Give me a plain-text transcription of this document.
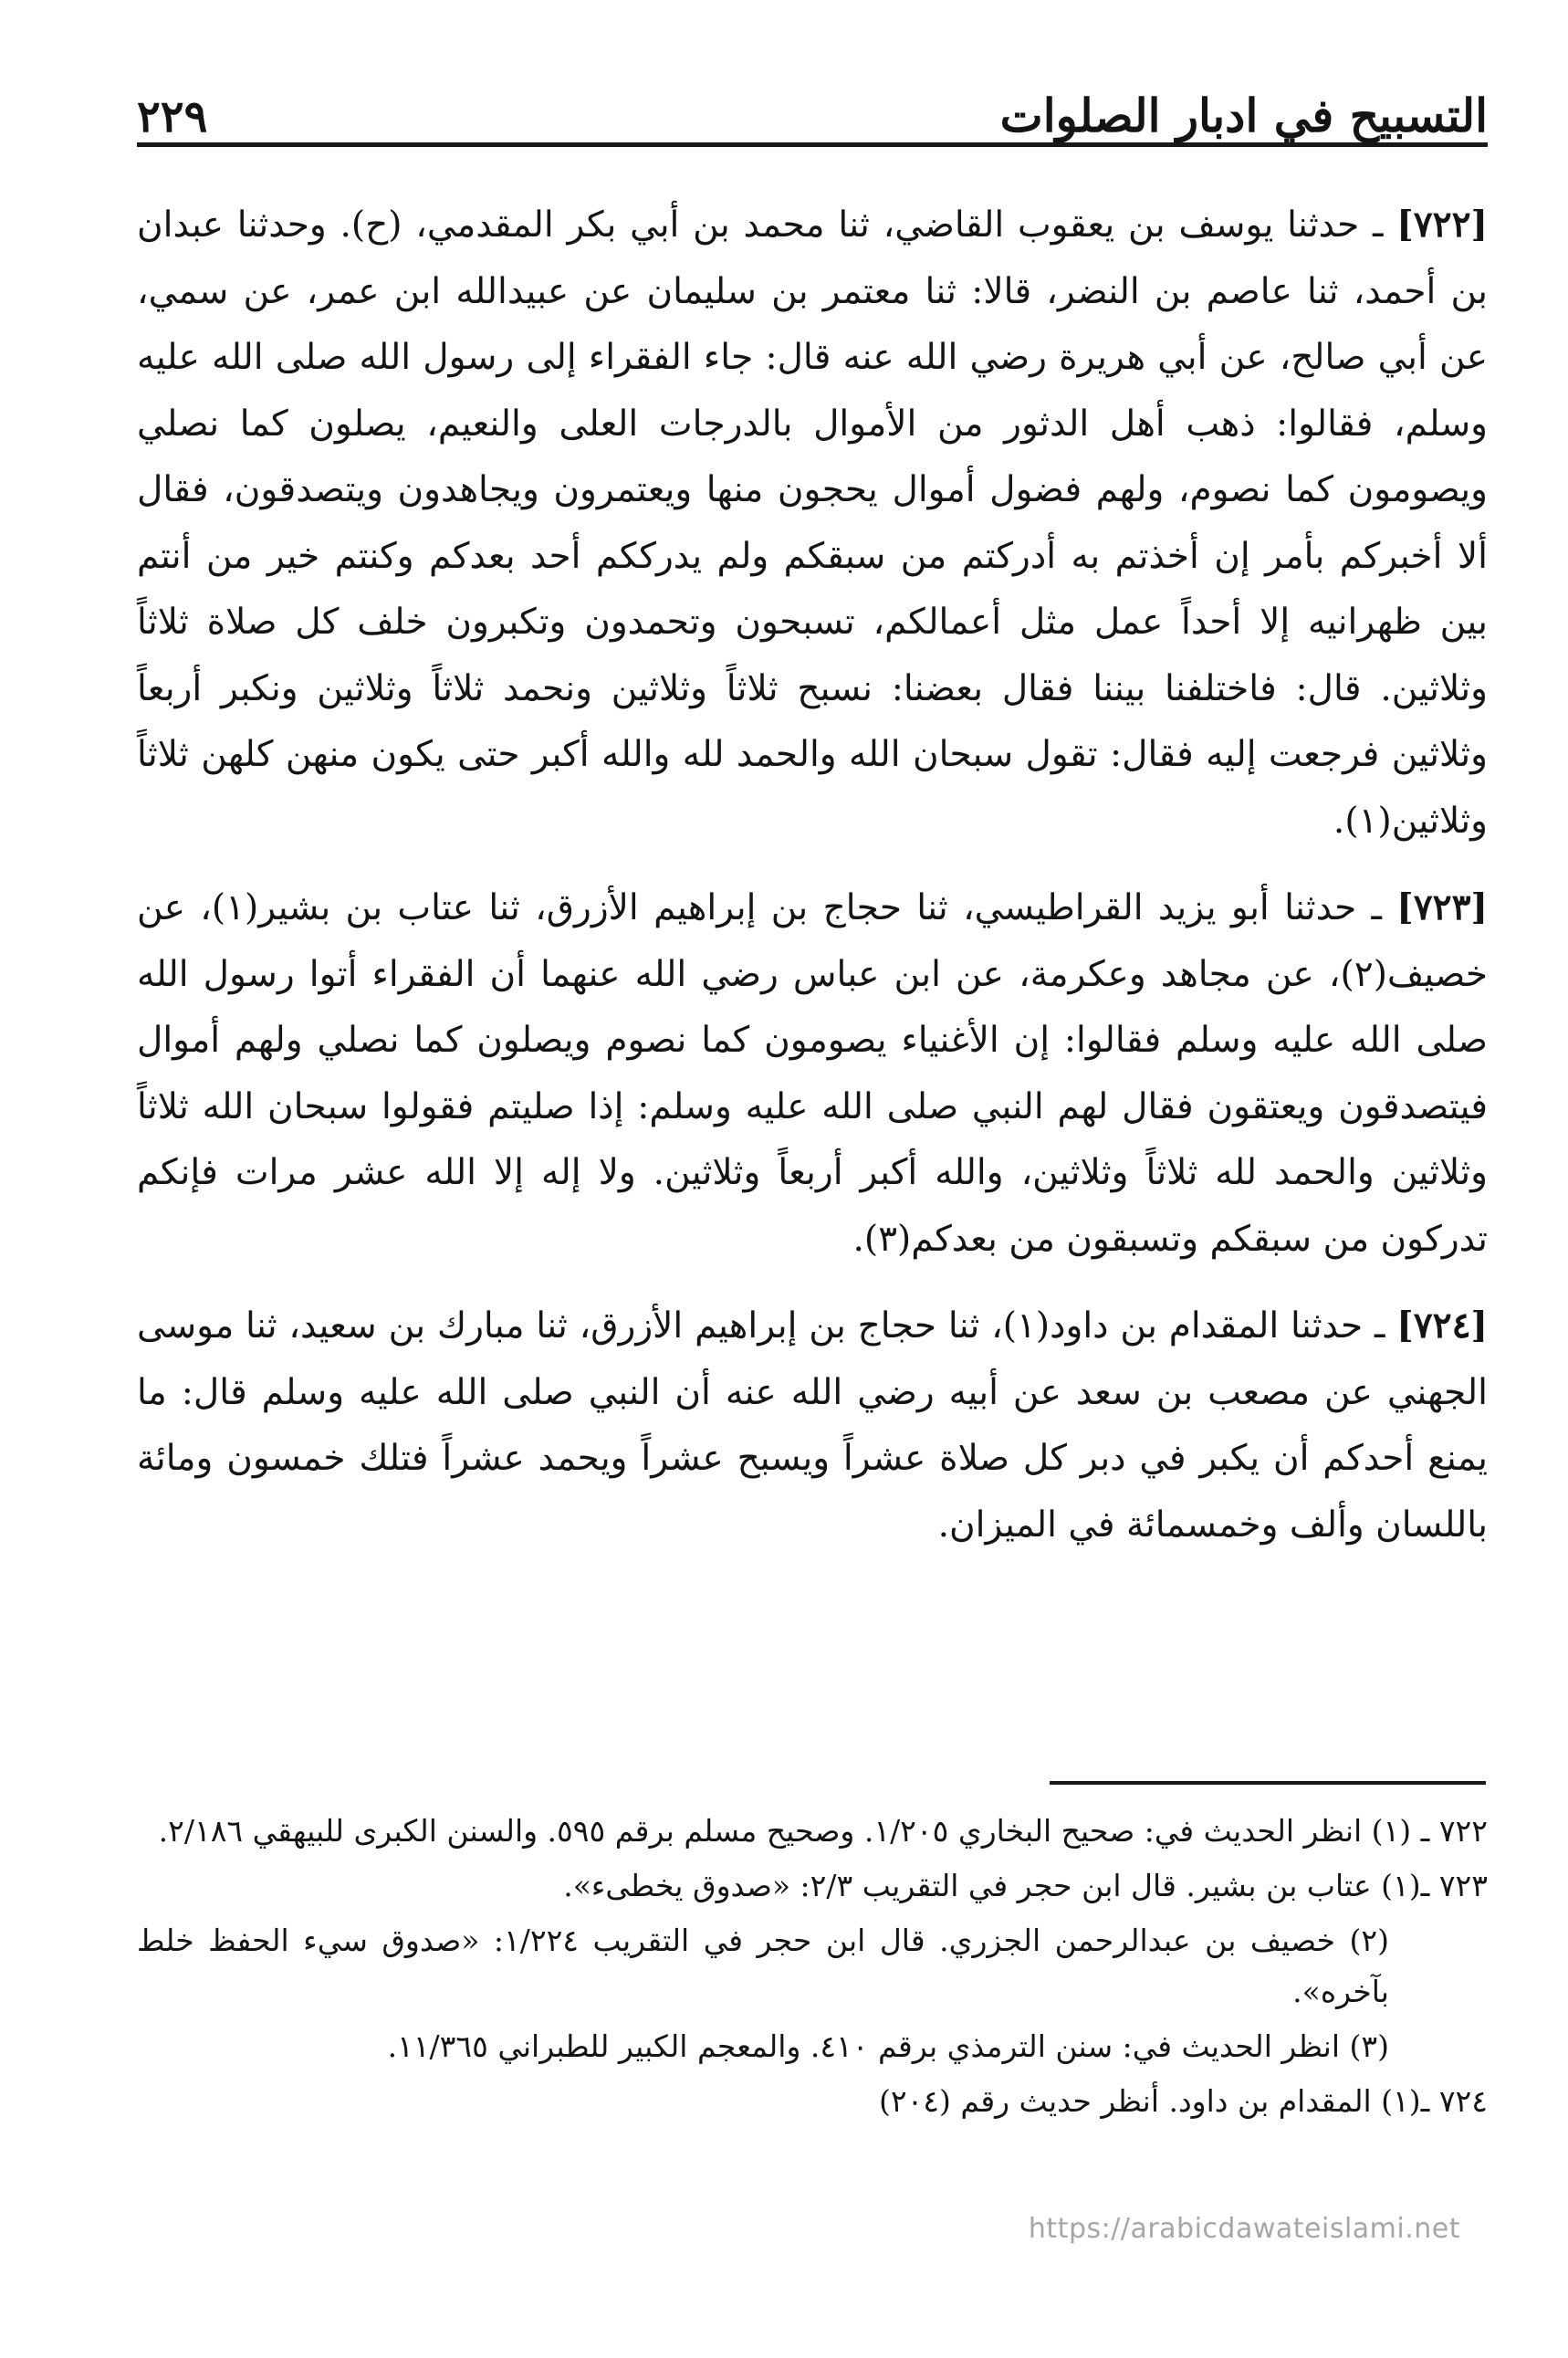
التسبيح في ادبار الصلوات
٢٢٩

[٧٢٢] ـ حدثنا يوسف بن يعقوب القاضي، ثنا محمد بن أبي بكر المقدمي، (ح). وحدثنا عبدان بن أحمد، ثنا عاصم بن النضر، قالا: ثنا معتمر بن سليمان عن عبيدالله ابن عمر، عن سمي، عن أبي صالح، عن أبي هريرة رضي الله عنه قال: جاء الفقراء إلى رسول الله صلى الله عليه وسلم، فقالوا: ذهب أهل الدثور من الأموال بالدرجات العلى والنعيم، يصلون كما نصلي ويصومون كما نصوم، ولهم فضول أموال يحجون منها ويعتمرون ويجاهدون ويتصدقون، فقال ألا أخبركم بأمر إن أخذتم به أدركتم من سبقكم ولم يدرككم أحد بعدكم وكنتم خير من أنتم بين ظهرانيه إلا أحداً عمل مثل أعمالكم، تسبحون وتحمدون وتكبرون خلف كل صلاة ثلاثاً وثلاثين. قال: فاختلفنا بيننا فقال بعضنا: نسبح ثلاثاً وثلاثين ونحمد ثلاثاً وثلاثين ونكبر أربعاً وثلاثين فرجعت إليه فقال: تقول سبحان الله والحمد لله والله أكبر حتى يكون منهن كلهن ثلاثاً وثلاثين(١).

[٧٢٣] ـ حدثنا أبو يزيد القراطيسي، ثنا حجاج بن إبراهيم الأزرق، ثنا عتاب بن بشير(١)، عن خصيف(٢)، عن مجاهد وعكرمة، عن ابن عباس رضي الله عنهما أن الفقراء أتوا رسول الله صلى الله عليه وسلم فقالوا: إن الأغنياء يصومون كما نصوم ويصلون كما نصلي ولهم أموال فيتصدقون ويعتقون فقال لهم النبي صلى الله عليه وسلم: إذا صليتم فقولوا سبحان الله ثلاثاً وثلاثين والحمد لله ثلاثاً وثلاثين، والله أكبر أربعاً وثلاثين. ولا إله إلا الله عشر مرات فإنكم تدركون من سبقكم وتسبقون من بعدكم(٣).

[٧٢٤] ـ حدثنا المقدام بن داود(١)، ثنا حجاج بن إبراهيم الأزرق، ثنا مبارك بن سعيد، ثنا موسى الجهني عن مصعب بن سعد عن أبيه رضي الله عنه أن النبي صلى الله عليه وسلم قال: ما يمنع أحدكم أن يكبر في دبر كل صلاة عشراً ويسبح عشراً ويحمد عشراً فتلك خمسون ومائة باللسان وألف وخمسمائة في الميزان.

٧٢٢ ـ (١) انظر الحديث في: صحيح البخاري ١/٢٠٥. وصحيح مسلم برقم ٥٩٥. والسنن الكبرى للبيهقي ٢/١٨٦.

٧٢٣ ـ(١) عتاب بن بشير. قال ابن حجر في التقريب ٢/٣: «صدوق يخطىء».

(٢) خصيف بن عبدالرحمن الجزري. قال ابن حجر في التقريب ١/٢٢٤: «صدوق سيء الحفظ خلط بآخره».

(٣) انظر الحديث في: سنن الترمذي برقم ٤١٠. والمعجم الكبير للطبراني ١١/٣٦٥.

٧٢٤ ـ(١) المقدام بن داود. أنظر حديث رقم (٢٠٤)

https://arabicdawateislami.net
